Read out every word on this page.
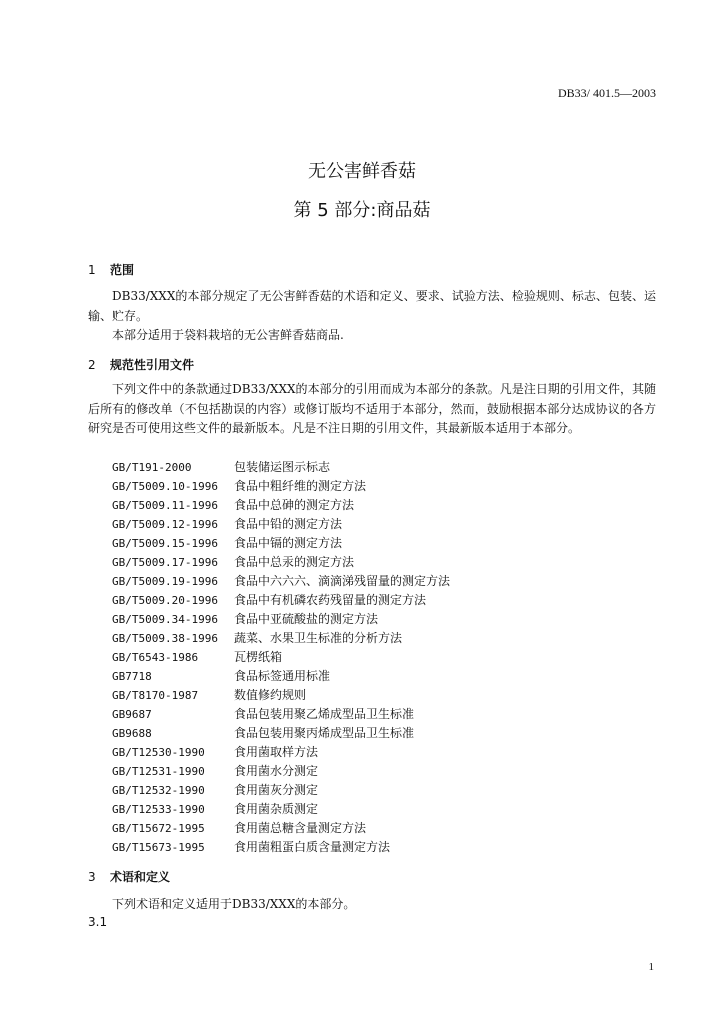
DB33/ 401.5—2003
无公害鲜香菇
第 5 部分:商品菇
1 范围

DB33/XXX的本部分规定了无公害鲜香菇的术语和定义、要求、试验方法、检验规则、标志、包装、运输、贮存。

本部分适用于袋料栽培的无公害鲜香菇商品.

2 规范性引用文件

下列文件中的条款通过DB33/XXX的本部分的引用而成为本部分的条款。凡是注日期的引用文件，其随后所有的修改单（不包括勘误的内容）或修订版均不适用于本部分，然而，鼓励根据本部分达成协议的各方研究是否可使用这些文件的最新版本。凡是不注日期的引用文件，其最新版本适用于本部分。

GB/T191-2000	包装储运图示标志
GB/T5009.10-1996 食品中粗纤维的测定方法
GB/T5009.11-1996 食品中总砷的测定方法
GB/T5009.12-1996 食品中铅的测定方法
GB/T5009.15-1996 食品中镉的测定方法
GB/T5009.17-1996 食品中总汞的测定方法
GB/T5009.19-1996 食品中六六六、滴滴涕残留量的测定方法
GB/T5009.20-1996 食品中有机磷农药残留量的测定方法
GB/T5009.34-1996 食品中亚硫酸盐的测定方法
GB/T5009.38-1996 蔬菜、水果卫生标准的分析方法
GB/T6543-1986	瓦楞纸箱
GB7718	食品标签通用标准
GB/T8170-1987	数值修约规则
GB9687	食品包装用聚乙烯成型品卫生标准
GB9688	食品包装用聚丙烯成型品卫生标准
GB/T12530-1990 食用菌取样方法
GB/T12531-1990 食用菌水分测定
GB/T12532-1990 食用菌灰分测定
GB/T12533-1990 食用菌杂质测定
GB/T15672-1995 食用菌总糖含量测定方法
GB/T15673-1995 食用菌粗蛋白质含量测定方法
3 术语和定义

下列术语和定义适用于DB33/XXX的本部分。

3.1
1
